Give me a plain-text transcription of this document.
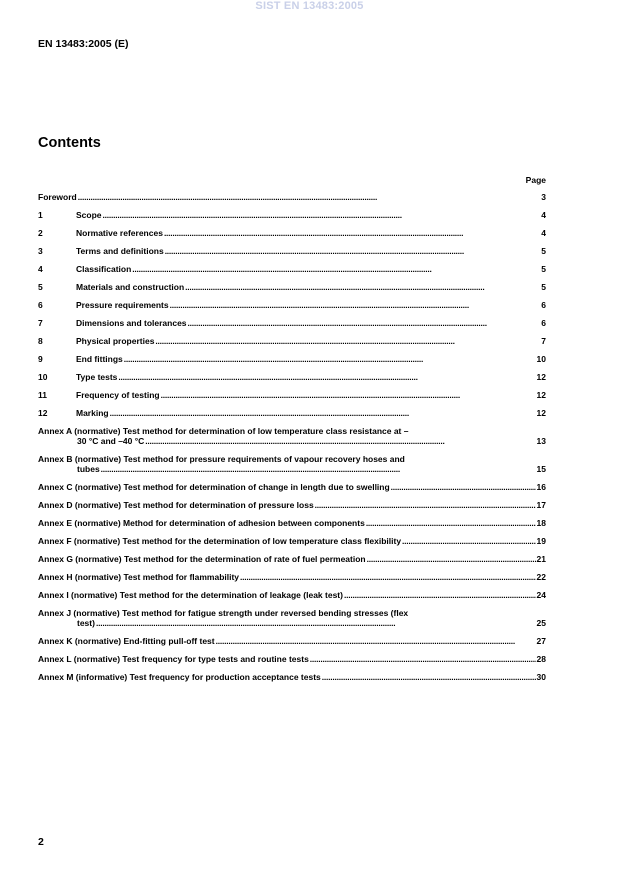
SIST EN 13483:2005
EN 13483:2005 (E)
Contents
Page
Foreword . . .	3
1	Scope . . .	4
2	Normative references . . .	4
3	Terms and definitions . . .	5
4	Classification . . .	5
5	Materials and construction . . .	5
6	Pressure requirements . . .	6
7	Dimensions and tolerances . . .	6
8	Physical properties . . .	7
9	End fittings . . .	10
10	Type tests . . .	12
11	Frequency of testing . . .	12
12	Marking . . .	12
Annex A (normative) Test method for determination of low temperature class resistance at –
30 °C and –40 °C . . .	13
Annex B (normative) Test method for pressure requirements of vapour recovery hoses and
tubes . . .	15
Annex C (normative) Test method for determination of change in length due to swelling . . .	16
Annex D (normative) Test method for determination of pressure loss . . .	17
Annex E (normative) Method for determination of adhesion between components . . .	18
Annex F (normative) Test method for the determination of low temperature class flexibility . . .	19
Annex G (normative) Test method for the determination of rate of fuel permeation . . .	21
Annex H (normative) Test method for flammability . . .	22
Annex I (normative) Test method for the determination of leakage (leak test) . . .	24
Annex J (normative) Test method for fatigue strength under reversed bending stresses (flex
test) . . .	25
Annex K (normative) End-fitting pull-off test . . .	27
Annex L (normative) Test frequency for type tests and routine tests . . .	28
Annex M (informative) Test frequency for production acceptance tests . . .	30
2
